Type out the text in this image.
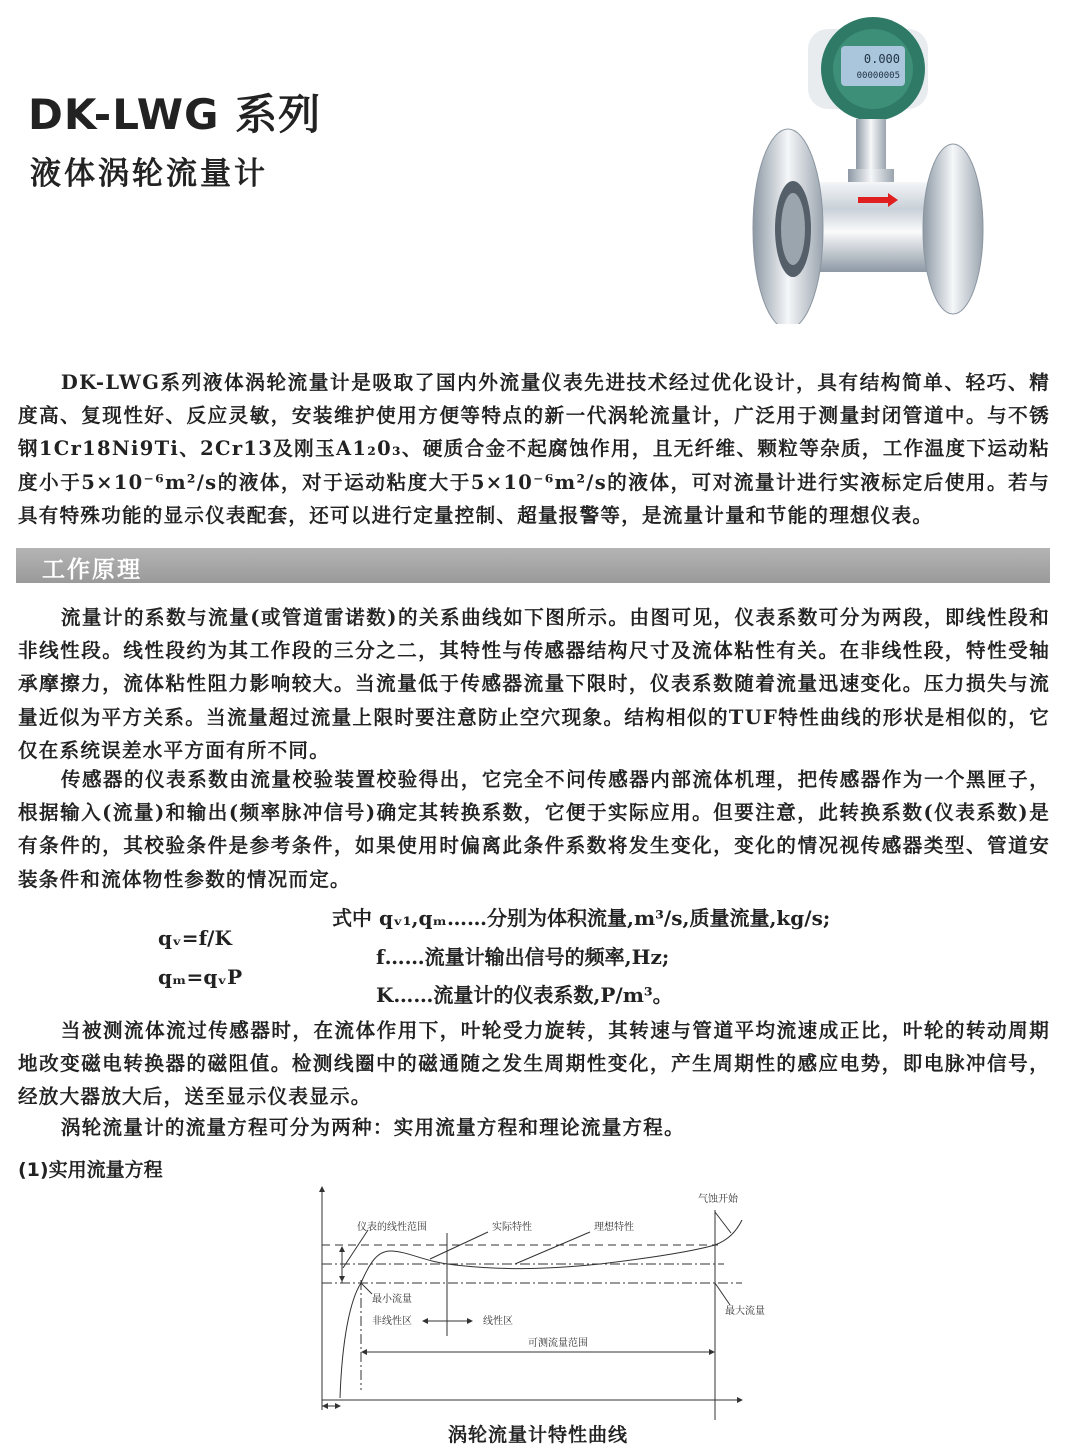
DK-LWG 系列
液体涡轮流量计
0.000
00000005
DK-LWG系列液体涡轮流量计是吸取了国内外流量仪表先进技术经过优化设计，具有结构简单、轻巧、精度高、复现性好、反应灵敏，安装维护使用方便等特点的新一代涡轮流量计，广泛用于测量封闭管道中。与不锈钢1Cr18Ni9Ti、2Cr13及刚玉A1₂0₃、硬质合金不起腐蚀作用，且无纤维、颗粒等杂质，工作温度下运动粘度小于5×10⁻⁶m²/s的液体，对于运动粘度大于5×10⁻⁶m²/s的液体，可对流量计进行实液标定后使用。若与具有特殊功能的显示仪表配套，还可以进行定量控制、超量报警等，是流量计量和节能的理想仪表。
工作原理
流量计的系数与流量(或管道雷诺数)的关系曲线如下图所示。由图可见，仪表系数可分为两段，即线性段和非线性段。线性段约为其工作段的三分之二，其特性与传感器结构尺寸及流体粘性有关。在非线性段，特性受轴承摩擦力，流体粘性阻力影响较大。当流量低于传感器流量下限时，仪表系数随着流量迅速变化。压力损失与流量近似为平方关系。当流量超过流量上限时要注意防止空穴现象。结构相似的TUF特性曲线的形状是相似的，它仅在系统误差水平方面有所不同。
传感器的仪表系数由流量校验装置校验得出，它完全不问传感器内部流体机理，把传感器作为一个黑匣子，根据输入(流量)和输出(频率脉冲信号)确定其转换系数，它便于实际应用。但要注意，此转换系数(仪表系数)是有条件的，其校验条件是参考条件，如果使用时偏离此条件系数将发生变化，变化的情况视传感器类型、管道安装条件和流体物性参数的情况而定。
qᵥ=f/K
qₘ=qᵥP
式中 qᵥ₁,qₘ……分别为体积流量,m³/s,质量流量,kg/s;
f……流量计输出信号的频率,Hz;
K……流量计的仪表系数,P/m³。
当被测流体流过传感器时，在流体作用下，叶轮受力旋转，其转速与管道平均流速成正比，叶轮的转动周期地改变磁电转换器的磁阻值。检测线圈中的磁通随之发生周期性变化，产生周期性的感应电势，即电脉冲信号，经放大器放大后，送至显示仪表显示。
涡轮流量计的流量方程可分为两种：实用流量方程和理论流量方程。
(1)实用流量方程
仪表的线性范围	实际特性	理想特性
气蚀开始
最小流量
非线性区	线性区
最大流量
可测流量范围
涡轮流量计特性曲线
